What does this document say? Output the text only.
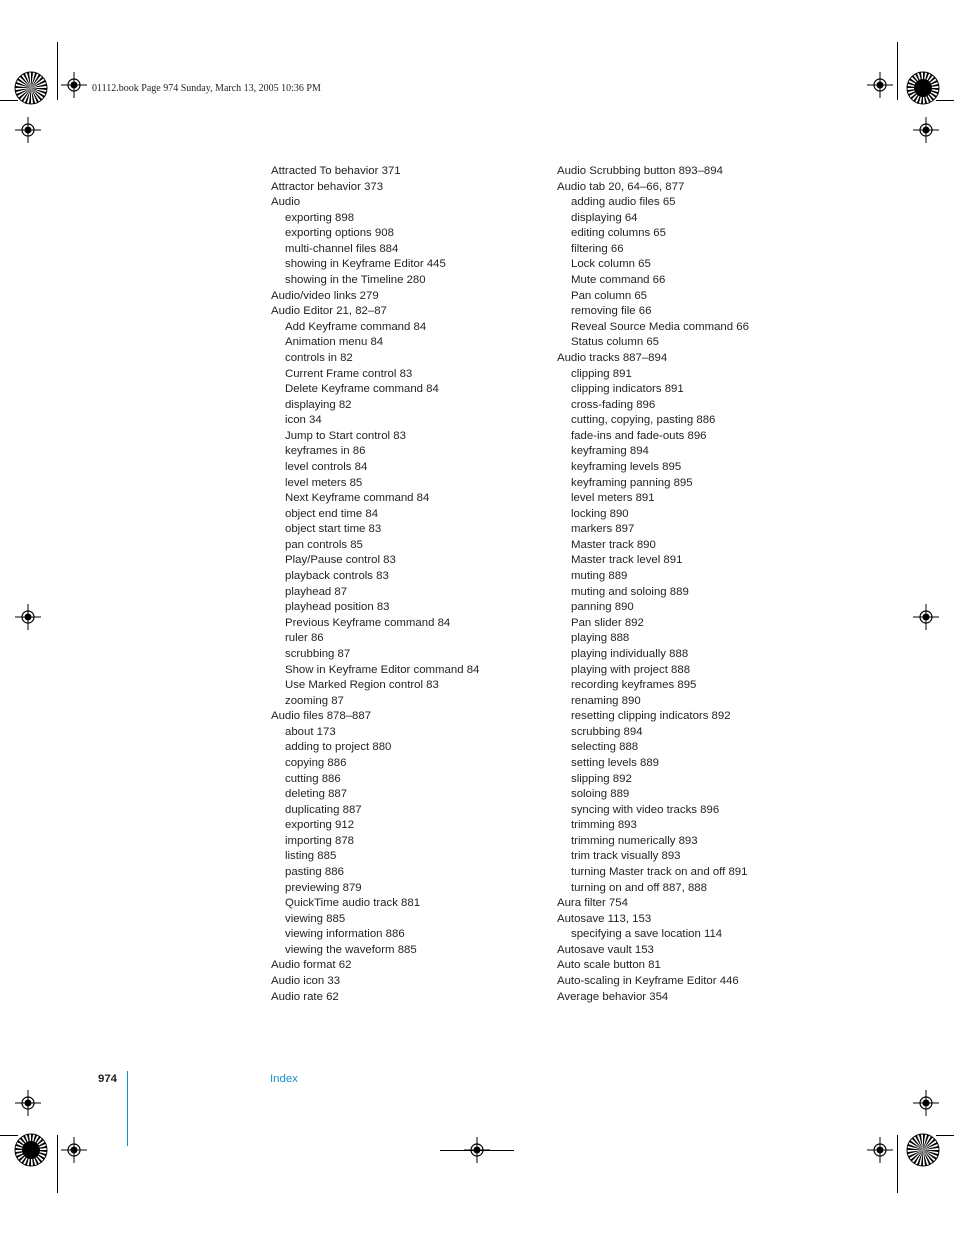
01112.book Page 974 Sunday, March 13, 2005 10:36 PM
Attracted To behavior 371
Attractor behavior 373
Audio
exporting 898
exporting options 908
multi-channel files 884
showing in Keyframe Editor 445
showing in the Timeline 280
Audio/video links 279
Audio Editor 21, 82–87
Add Keyframe command 84
Animation menu 84
controls in 82
Current Frame control 83
Delete Keyframe command 84
displaying 82
icon 34
Jump to Start control 83
keyframes in 86
level controls 84
level meters 85
Next Keyframe command 84
object end time 84
object start time 83
pan controls 85
Play/Pause control 83
playback controls 83
playhead 87
playhead position 83
Previous Keyframe command 84
ruler 86
scrubbing 87
Show in Keyframe Editor command 84
Use Marked Region control 83
zooming 87
Audio files 878–887
about 173
adding to project 880
copying 886
cutting 886
deleting 887
duplicating 887
exporting 912
importing 878
listing 885
pasting 886
previewing 879
QuickTime audio track 881
viewing 885
viewing information 886
viewing the waveform 885
Audio format 62
Audio icon 33
Audio rate 62
Audio Scrubbing button 893–894
Audio tab 20, 64–66, 877
adding audio files 65
displaying 64
editing columns 65
filtering 66
Lock column 65
Mute command 66
Pan column 65
removing file 66
Reveal Source Media command 66
Status column 65
Audio tracks 887–894
clipping 891
clipping indicators 891
cross-fading 896
cutting, copying, pasting 886
fade-ins and fade-outs 896
keyframing 894
keyframing levels 895
keyframing panning 895
level meters 891
locking 890
markers 897
Master track 890
Master track level 891
muting 889
muting and soloing 889
panning 890
Pan slider 892
playing 888
playing individually 888
playing with project 888
recording keyframes 895
renaming 890
resetting clipping indicators 892
scrubbing 894
selecting 888
setting levels 889
slipping 892
soloing 889
syncing with video tracks 896
trimming 893
trimming numerically 893
trim track visually 893
turning Master track on and off 891
turning on and off 887, 888
Aura filter 754
Autosave 113, 153
specifying a save location 114
Autosave vault 153
Auto scale button 81
Auto-scaling in Keyframe Editor 446
Average behavior 354
974	Index
